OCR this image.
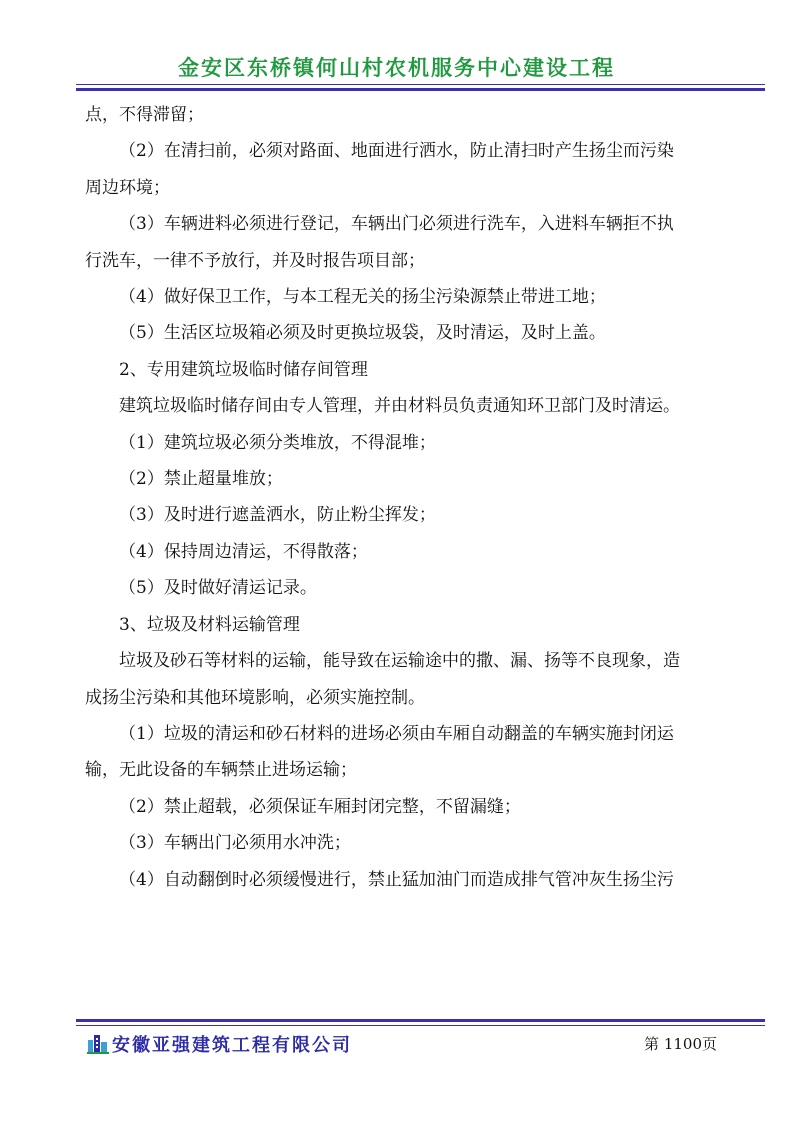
金安区东桥镇何山村农机服务中心建设工程
点，不得滞留；
（2）在清扫前，必须对路面、地面进行洒水，防止清扫时产生扬尘而污染
周边环境；
（3）车辆进料必须进行登记，车辆出门必须进行洗车，入进料车辆拒不执
行洗车，一律不予放行，并及时报告项目部；
（4）做好保卫工作，与本工程无关的扬尘污染源禁止带进工地；
（5）生活区垃圾箱必须及时更换垃圾袋，及时清运，及时上盖。
2、专用建筑垃圾临时储存间管理
建筑垃圾临时储存间由专人管理，并由材料员负责通知环卫部门及时清运。
（1）建筑垃圾必须分类堆放，不得混堆；
（2）禁止超量堆放；
（3）及时进行遮盖洒水，防止粉尘挥发；
（4）保持周边清运，不得散落；
（5）及时做好清运记录。
3、垃圾及材料运输管理
垃圾及砂石等材料的运输，能导致在运输途中的撒、漏、扬等不良现象，造
成扬尘污染和其他环境影响，必须实施控制。
（1）垃圾的清运和砂石材料的进场必须由车厢自动翻盖的车辆实施封闭运
输，无此设备的车辆禁止进场运输；
（2）禁止超载，必须保证车厢封闭完整，不留漏缝；
（3）车辆出门必须用水冲洗；
（4）自动翻倒时必须缓慢进行，禁止猛加油门而造成排气管冲灰生扬尘污
安徽亚强建筑工程有限公司	第 1100页
